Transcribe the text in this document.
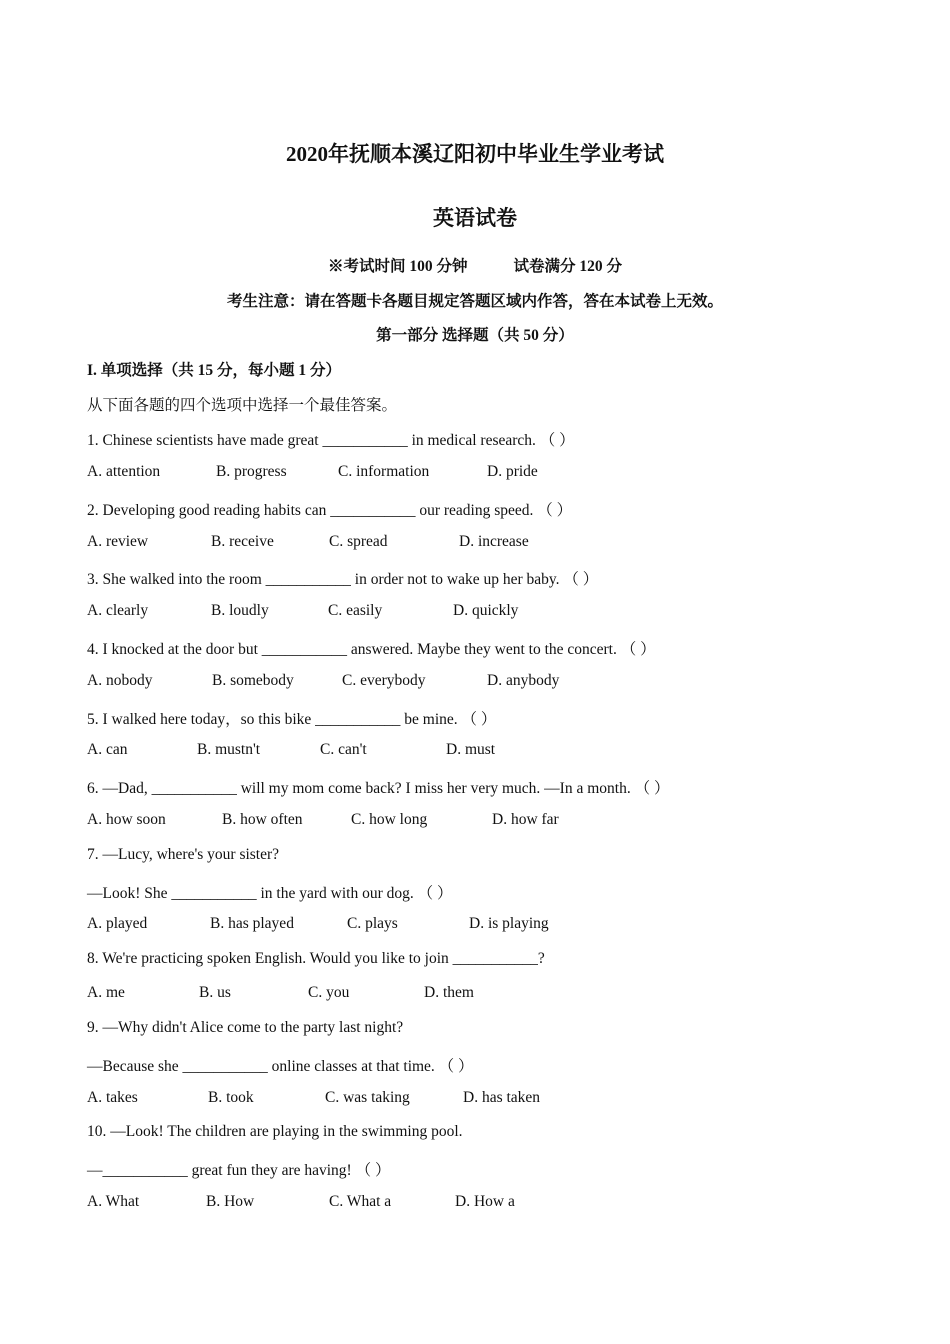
2020年抚顺本溪辽阳初中毕业生学业考试
英语试卷
※考试时间 100 分钟	试卷满分 120 分
考生注意：请在答题卡各题目规定答题区域内作答，答在本试卷上无效。
第一部分 选择题（共 50 分）
I. 单项选择（共 15 分，每小题 1 分）
从下面各题的四个选项中选择一个最佳答案。
1. Chinese scientists have made great ___________ in medical research. （ ）
A. attention	B. progress	C. information	D. pride
2. Developing good reading habits can ___________ our reading speed. （ ）
A. review	B. receive	C. spread	D. increase
3. She walked into the room ___________ in order not to wake up her baby. （ ）
A. clearly	B. loudly	C. easily	D. quickly
4. I knocked at the door but ___________ answered. Maybe they went to the concert. （ ）
A. nobody	B. somebody	C. everybody	D. anybody
5. I walked here today，so this bike ___________ be mine. （ ）
A. can	B. mustn't	C. can't	D. must
6. —Dad, ___________ will my mom come back? I miss her very much. —In a month. （ ）
A. how soon	B. how often	C. how long	D. how far
7. —Lucy, where's your sister?
—Look! She ___________ in the yard with our dog. （ ）
A. played	B. has played	C. plays	D. is playing
8. We're practicing spoken English. Would you like to join ___________?
A. me	B. us	C. you	D. them
9. —Why didn't Alice come to the party last night?
—Because she ___________ online classes at that time. （ ）
A. takes	B. took	C. was taking	D. has taken
10. —Look! The children are playing in the swimming pool.
—___________ great fun they are having! （ ）
A. What	B. How	C. What a	D. How a
